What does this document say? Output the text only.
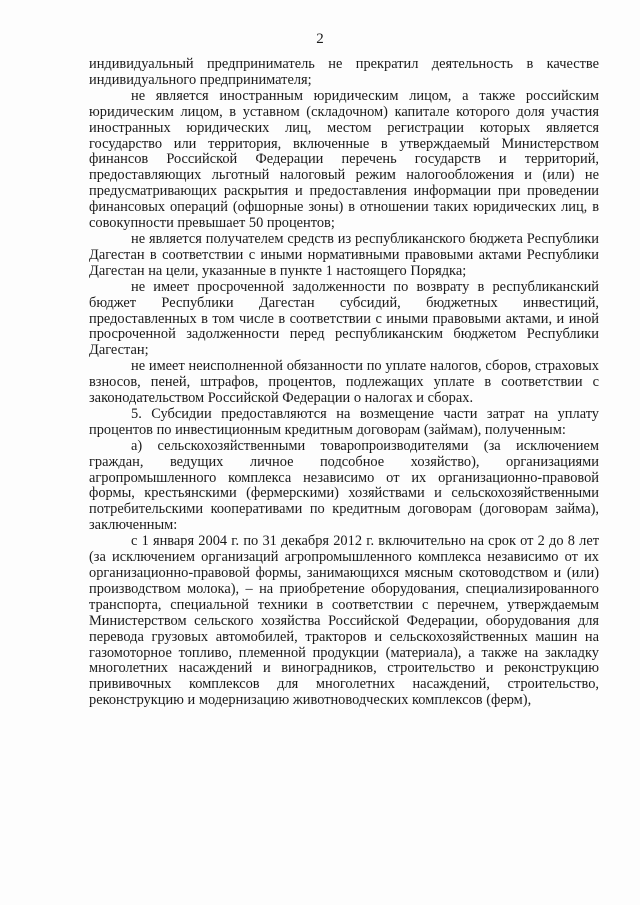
2

индивидуальный предприниматель не прекратил деятельность в качестве индивидуального предпринимателя;

не является иностранным юридическим лицом, а также российским юридическим лицом, в уставном (складочном) капитале которого доля участия иностранных юридических лиц, местом регистрации которых является государство или территория, включенные в утверждаемый Министерством финансов Российской Федерации перечень государств и территорий, предоставляющих льготный налоговый режим налогообложения и (или) не предусматривающих раскрытия и предоставления информации при проведении финансовых операций (офшорные зоны) в отношении таких юридических лиц, в совокупности превышает 50 процентов;

не является получателем средств из республиканского бюджета Республики Дагестан в соответствии с иными нормативными правовыми актами Республики Дагестан на цели, указанные в пункте 1 настоящего Порядка;

не имеет просроченной задолженности по возврату в республиканский бюджет Республики Дагестан субсидий, бюджетных инвестиций, предоставленных в том числе в соответствии с иными правовыми актами, и иной просроченной задолженности перед республиканским бюджетом Республики Дагестан;

не имеет неисполненной обязанности по уплате налогов, сборов, страховых взносов, пеней, штрафов, процентов, подлежащих уплате в соответствии с законодательством Российской Федерации о налогах и сборах.

5. Субсидии предоставляются на возмещение части затрат на уплату процентов по инвестиционным кредитным договорам (займам), полученным:

а) сельскохозяйственными товаропроизводителями (за исключением граждан, ведущих личное подсобное хозяйство), организациями агропромышленного комплекса независимо от их организационно-правовой формы, крестьянскими (фермерскими) хозяйствами и сельскохозяйственными потребительскими кооперативами по кредитным договорам (договорам займа), заключенным:

с 1 января 2004 г. по 31 декабря 2012 г. включительно на срок от 2 до 8 лет (за исключением организаций агропромышленного комплекса независимо от их организационно-правовой формы, занимающихся мясным скотоводством и (или) производством молока), – на приобретение оборудования, специализированного транспорта, специальной техники в соответствии с перечнем, утверждаемым Министерством сельского хозяйства Российской Федерации, оборудования для перевода грузовых автомобилей, тракторов и сельскохозяйственных машин на газомоторное топливо, племенной продукции (материала), а также на закладку многолетних насаждений и виноградников, строительство и реконструкцию прививочных комплексов для многолетних насаждений, строительство, реконструкцию и модернизацию животноводческих комплексов (ферм),
